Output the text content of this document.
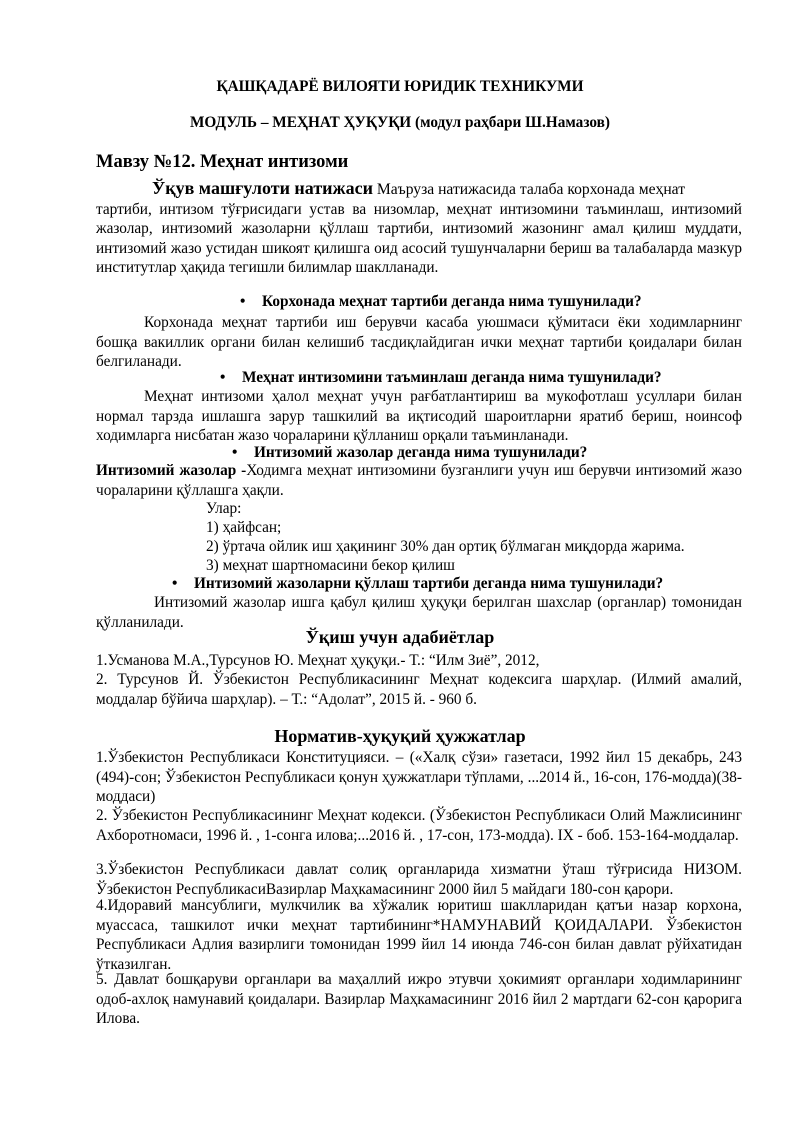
ҚАШҚАДАРЁ ВИЛОЯТИ ЮРИДИК ТЕХНИКУМИ
МОДУЛЬ – МЕҲНАТ ҲУҚУҚИ (модул раҳбари Ш.Намазов)
Мавзу №12. Меҳнат интизоми
Ўқув машғулоти натижаси Маъруза натижасида талаба корхонада меҳнат
тартиби, интизом тўғрисидаги устав ва низомлар, меҳнат интизомини таъминлаш, интизомий жазолар, интизомий жазоларни қўллаш тартиби, интизомий жазонинг амал қилиш муддати, интизомий жазо устидан шикоят қилишга оид асосий тушунчаларни бериш ва талабаларда мазкур институтлар ҳақида тегишли билимлар шаклланади.
• Корхонада меҳнат тартиби деганда нима тушунилади?
Корхонада меҳнат тартиби иш берувчи касаба уюшмаси қўмитаси ёки ходимларнинг бошқа вакиллик органи билан келишиб тасдиқлайдиган ички меҳнат тартиби қоидалари билан белгиланади.
• Меҳнат интизомини таъминлаш деганда нима тушунилади?
Меҳнат интизоми ҳалол меҳнат учун рағбатлантириш ва мукофотлаш усуллари билан нормал тарзда ишлашга зарур ташкилий ва иқтисодий шароитларни яратиб бериш, ноинсоф ходимларга нисбатан жазо чораларини қўлланиш орқали таъминланади.
• Интизомий жазолар деганда нима тушунилади?
Интизомий жазолар -Ходимга меҳнат интизомини бузганлиги учун иш берувчи интизомий жазо чораларини қўллашга ҳақли.
Улар:
1) ҳайфсан;
2) ўртача ойлик иш ҳақининг 30% дан ортиқ бўлмаган миқдорда жарима.
3) меҳнат шартномасини бекор қилиш
• Интизомий жазоларни қўллаш тартиби деганда нима тушунилади?
Интизомий жазолар ишга қабул қилиш ҳуқуқи берилган шахслар (органлар) томонидан қўлланилади.
Ўқиш учун адабиётлар
1.Усманова М.А.,Турсунов Ю. Меҳнат ҳуқуқи.- Т.: “Илм Зиё”, 2012,
2. Турсунов Й. Ўзбекистон Республикасининг Меҳнат кодексига шарҳлар. (Илмий амалий, моддалар бўйича шарҳлар). – Т.: “Адолат”, 2015 й. - 960 б.
Норматив-ҳуқуқий ҳужжатлар
1.Ўзбекистон Республикаси Конституцияси. – («Халқ сўзи» газетаси, 1992 йил 15 декабрь, 243 (494)-сон; Ўзбекистон Республикаси қонун ҳужжатлари тўплами, ...2014 й., 16-сон, 176-модда)(38-моддаси)
2. Ўзбекистон Республикасининг Меҳнат кодекси. (Ўзбекистон Республикаси Олий Мажлисининг Ахборотномаси, 1996 й. , 1-сонга илова;...2016 й. , 17-сон, 173-модда). IX - боб. 153-164-моддалар.
3.Ўзбекистон Республикаси давлат солиқ органларида хизматни ўташ тўғрисида НИЗОМ. Ўзбекистон РеспубликасиВазирлар Маҳкамасининг 2000 йил 5 майдаги 180-сон қарори.
4.Идоравий мансублиги, мулкчилик ва хўжалик юритиш шаклларидан қатъи назар корхона, муассаса, ташкилот ички меҳнат тартибининг*НАМУНАВИЙ ҚОИДАЛАРИ. Ўзбекистон Республикаси Адлия вазирлиги томонидан 1999 йил 14 июнда 746-сон билан давлат рўйхатидан ўтказилган.
5. Давлат бошқаруви органлари ва маҳаллий ижро этувчи ҳокимият органлари ходимларининг одоб-ахлоқ намунавий қоидалари. Вазирлар Маҳкамасининг 2016 йил 2 мартдаги 62-сон қарорига Илова.
